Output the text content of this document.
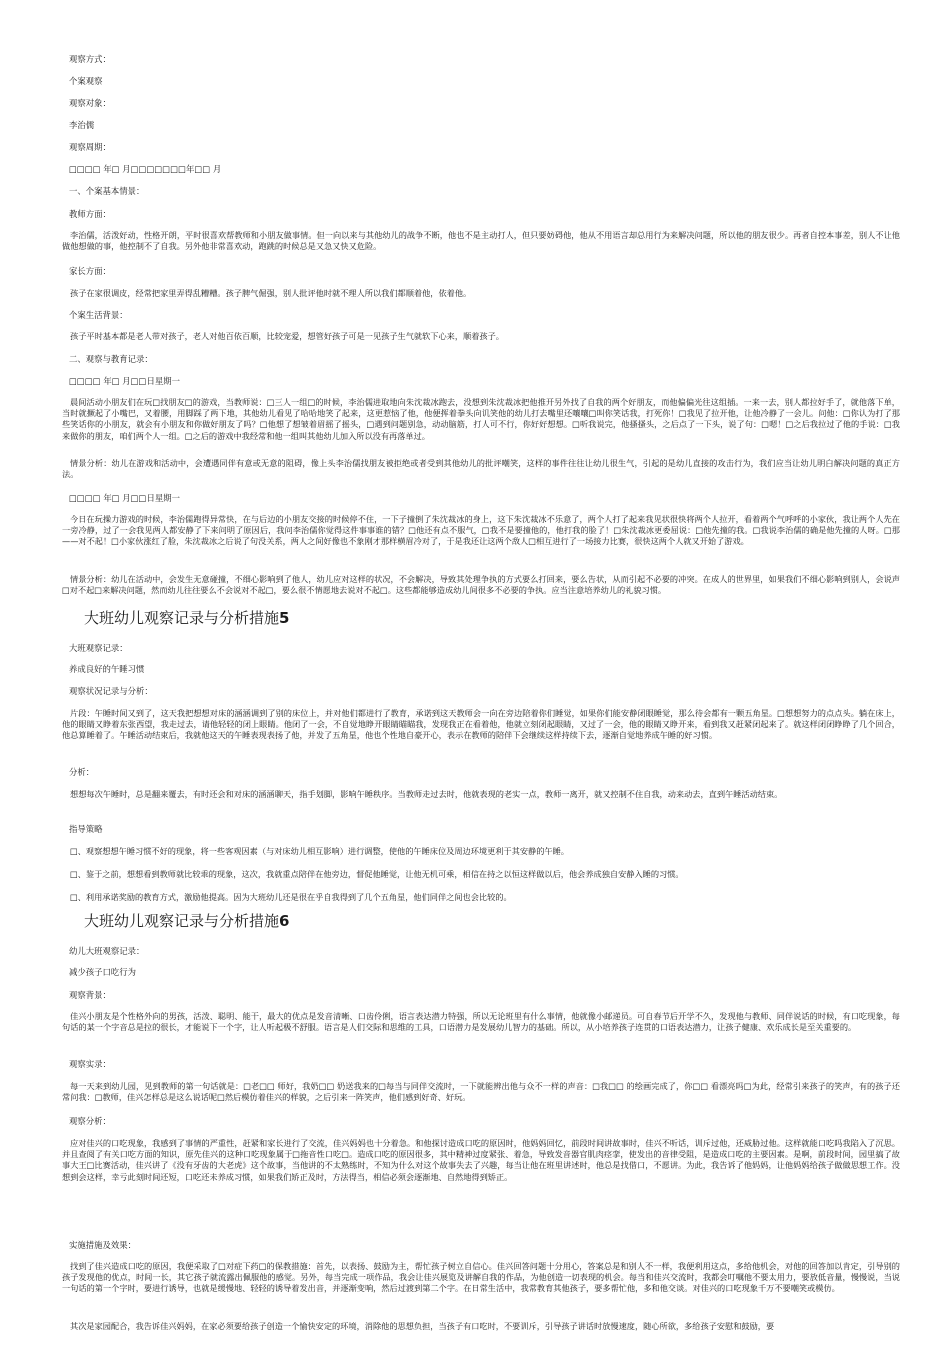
观察方式：
个案观察
观察对象：
李治儒
观察周期：
□□□□ 年□ 月□□□□□□□年□□ 月
一、个案基本情景：
教师方面：
李治儒，活泼好动，性格开朗，平时很喜欢帮教师和小朋友做事情。但一向以来与其他幼儿的战争不断，他也不是主动打人，但只要妨碍他，他从不用语言却总用行为来解决问题，所以他的朋友很少。再者自控本事差，别人不让他做他想做的事，他控制不了自我。另外他非常喜欢动，跑跳的时候总是又急又快又危险。
家长方面：
孩子在家很调皮，经常把家里弄得乱糟糟。孩子脾气倔强，别人批评他时就不理人所以我们都顺着他，依着他。
个案生活背景：
孩子平时基本都是老人带对孩子，老人对他百依百顺，比较宠爱，想管好孩子可是一见孩子生气就软下心来，顺着孩子。
二、观察与教育记录：
□□□□ 年□ 月□□日星期一
晨间活动小朋友们在玩□找朋友□的游戏，当教师说：□三人一组□的时候，李治儒进取地向朱沈裁冰跑去，没想到朱沈裁冰把他推开另外找了自我的两个好朋友，而他偏偏光往这组插。一来一去，别人都拉好手了，就他落下单，当时就撅起了小嘴巴，又着腰，用脚踩了两下地，其他幼儿看见了哈哈地笑了起来，这更惹恼了他，他便挥着拳头向讥笑他的幼儿打去嘴里还嚷嚷□叫你笑话我，打死你！□我见了拉开他，让他冷静了一会儿。问他：□你认为打了那些笑话你的小朋友，就会有小朋友和你做好朋友了吗？□他想了想皱着眉摇了摇头，□遇到问题别急，动动脑筋，打人可不行，你好好想想。□听我说完，他搔搔头，之后点了一下头，说了句：□嗯！□之后我拉过了他的手说：□我来做你的朋友，咱们两个人一组。□之后的游戏中我经常和他一组叫其他幼儿加入所以没有再落单过。
情景分析：幼儿在游戏和活动中，会遭遇同伴有意或无意的阻碍，像上头李治儒找朋友被拒绝或者受到其他幼儿的批评嘲笑，这样的事件往往让幼儿很生气，引起的是幼儿直接的攻击行为，我们应当让幼儿明白解决问题的真正方法。
□□□□ 年□ 月□□日星期一
今日在玩操力游戏的时候，李治儒跑得异常快，在与后边的小朋友交接的时候停不住，一下子撞倒了朱沈裁冰的身上，这下朱沈裁冰不乐意了，两个人打了起来我见状很快将两个人拉开，看着两个气呼呼的小家伙，我让两个人先在一旁冷静，过了一会我见两人都安静了下来问明了原因后，我问李治儒你觉得这件事事谁的错？□他还有点不服气，□我不是要撞他的，他打我的脸了！□朱沈裁冰更委屈说：□他先撞的我。□我说李治儒的确是他先撞的人呀。□那——对不起！□小家伙涨红了脸，朱沈裁冰之后说了句没关系，两人之间好像也不象刚才那样横眉冷对了，于是我还让这两个敌人□相互进行了一场接力比赛，很快这两个人就又开始了游戏。
情景分析：幼儿在活动中，会发生无意碰撞，不细心影响到了他人，幼儿应对这样的状况，不会解决，导致其处理争执的方式要么打回来，要么告状，从而引起不必要的冲突。在成人的世界里，如果我们不细心影响到别人，会说声□对不起□来解决问题，然而幼儿往往要么不会说对不起□，要么很不情愿地去说对不起□。这些都能够造成幼儿间很多不必要的争执。应当注意培养幼儿的礼貌习惯。
大班幼儿观察记录与分析措施5
大班观察记录：
养成良好的午睡习惯
观察状况记录与分析：
片段：午睡时间又到了，这天我把想想对床的涵涵调到了别的床位上，并对他们都进行了教育，承诺到这天教师会一向在旁边陪着你们睡觉，如果你们能安静闭眼睡觉，那么待会都有一颗五角星。□想想努力的点点头。躺在床上，他的眼睛又睁着东张西望，我走过去，请他轻轻的闭上眼睛。他闭了一会，不自觉地睁开眼睛瞄瞄我，发现我正在看着他，他就立刻闭起眼睛，又过了一会，他的眼睛又睁开来，看到我又赶紧闭起来了。就这样闭闭睁睁了几个回合，他总算睡着了。午睡活动结束后，我就他这天的午睡表现表扬了他，并发了五角星，他也个性地自豪开心，表示在教师的陪伴下会继续这样持续下去，逐渐自觉地养成午睡的好习惯。
分析：
想想每次午睡时，总是翻来覆去，有时还会和对床的涵涵聊天，指手划脚，影响午睡秩序。当教师走过去时，他就表现的老实一点，教师一离开，就又控制不住自我，动来动去，直到午睡活动结束。
指导策略
□、观察想想午睡习惯不好的现象，将一些客观因素（与对床幼儿相互影响）进行调整，使他的午睡床位及周边环境更利于其安静的午睡。
□、鉴于之前，想想看到教师就比较乖的现象，这次，我就重点陪伴在他旁边，督促他睡觉，让他无机可乘，相信在持之以恒这样做以后，他会养成独自安静入睡的习惯。
□、利用承诺奖励的教育方式，激励他提高。因为大班幼儿还是很在乎自我得到了几个五角星，他们同伴之间也会比较的。
大班幼儿观察记录与分析措施6
幼儿大班观察记录：
减少孩子口吃行为
观察背景：
佳兴小朋友是个性格外向的男孩，活泼、聪明、能干，最大的优点是发音清晰、口齿伶俐，语言表达潜力特强，所以无论班里有什么事情，他就像小邮递员。可自春节后开学不久，发现他与教师、同伴说话的时候，有口吃现象，每句话的某一个字音总是拉的很长，才能说下一个字，让人听起极不舒服。语言是人们交际和思维的工具，口语潜力是发展幼儿智力的基础。所以，从小培养孩子连贯的口语表达潜力，让孩子健康、欢乐成长是至关重要的。
观察实录：
每一天来到幼儿园，见到教师的第一句话就是：□老□□ 师好，我奶□□ 奶送我来的□每当与同伴交流时，一下就能辨出他与众不一样的声音：□我□□ 的绘画完成了，你□□ 看漂亮吗□为此，经常引来孩子的笑声，有的孩子还常问我：□教师，佳兴怎样总是这么说话呢□然后模仿着佳兴的样貌，之后引来一阵笑声，他们感到好奇、好玩。
观察分析：
应对佳兴的口吃现象，我感到了事情的严重性，赶紧和家长进行了交流，佳兴妈妈也十分着急。和他探讨造成口吃的原因时，他妈妈回忆，前段时间讲故事时，佳兴不听话，训斥过他，还威胁过他。这样就能口吃吗我陷入了沉思。并且查阅了有关口吃方面的知识，原先佳兴的这种口吃现象属于□拖音性口吃□。造成口吃的原因很多，其中精神过度紧张、着急，导致发音器官肌肉痉挛，使发出的音律受阻，是造成口吃的主要因素。是啊，前段时间，园里搞了故事大王□比赛活动，佳兴讲了《没有牙齿的大老虎》这个故事，当他讲的不太熟练时，不知为什么对这个故事失去了兴趣，每当让他在班里讲述时，他总是找借口，不愿讲。为此，我告诉了他妈妈，让他妈妈给孩子做做思想工作。没想到会这样，幸亏此刻时间还短，口吃还未养成习惯，如果我们矫正及时，方法得当，相信必须会逐渐地、自然地得到矫正。
实施措施及效果：
找到了佳兴造成口吃的原因，我便采取了□对症下药□的保教措施：首先，以表扬、鼓励为主，帮忙孩子树立自信心。佳兴回答问题十分用心，答案总是和别人不一样，我便利用这点，多给他机会，对他的回答加以肯定，引导别的孩子发现他的优点，时间一长，其它孩子就流露出佩服他的感觉。另外，每当完成一项作品，我会让佳兴展览及讲解自我的作品，为他创造一切表现的机会。每当和佳兴交流时，我都会叮嘱他不要太用力，要放低音量，慢慢说，当说一句话的第一个字时，要进行诱导，也就是缓慢地、轻轻的诱导着发出音，并逐渐变响，然后过渡到第二个字。在日常生活中，我常教育其他孩子，要多帮忙他，多和他交谈。对佳兴的口吃现象千万不要嘲笑或模仿。
其次是家园配合，我告诉佳兴妈妈，在家必须要给孩子创造一个愉快安定的环境，消除他的思想负担，当孩子有口吃时，不要训斥，引导孩子讲话时放慢速度，随心所欲，多给孩子安慰和鼓励，要
